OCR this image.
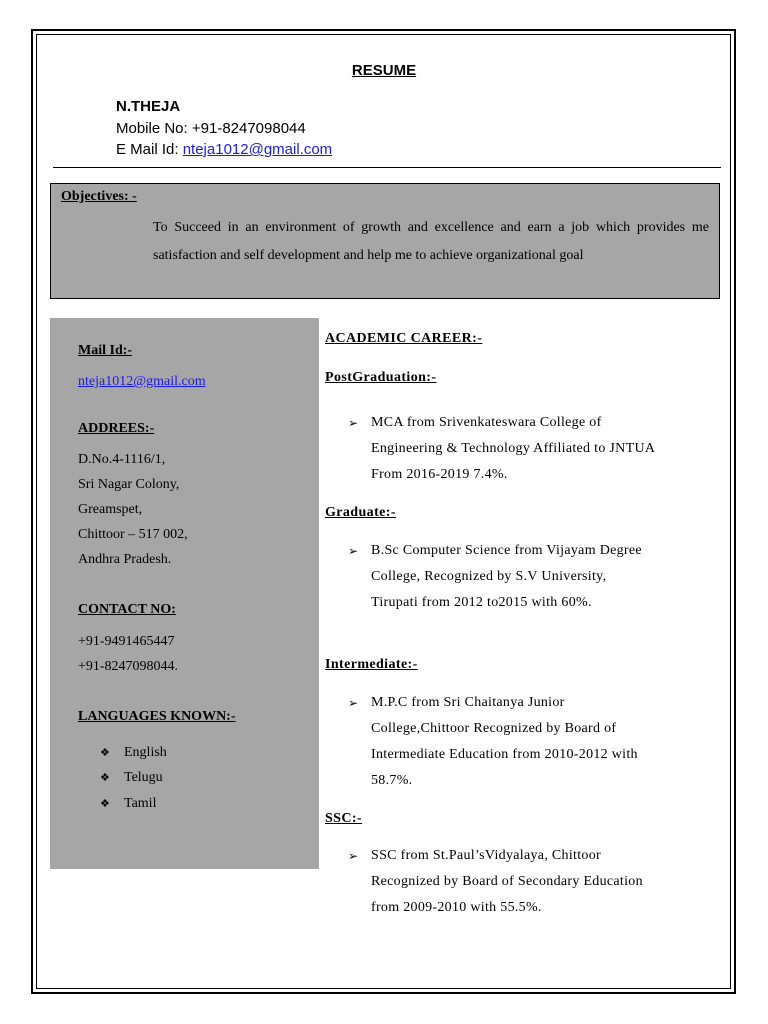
RESUME
N.THEJA
Mobile No: +91-8247098044
E Mail Id: nteja1012@gmail.com
Objectives: -
To Succeed in an environment of growth and excellence and earn a job which provides me satisfaction and self development and help me to achieve organizational goal
Mail Id:-
nteja1012@gmail.com
ADDREES:-
D.No.4-1116/1,
Sri Nagar Colony,
Greamspet,
Chittoor – 517 002,
Andhra Pradesh.
CONTACT NO:
+91-9491465447
+91-8247098044.
LANGUAGES KNOWN:-
❖ English
❖ Telugu
❖ Tamil
ACADEMIC CAREER:-
PostGraduation:-
➢ MCA from Srivenkateswara College of
Engineering & Technology Affiliated to JNTUA
From 2016-2019 7.4%.
Graduate:-
➢ B.Sc Computer Science from Vijayam Degree
College, Recognized by S.V University,
Tirupati from 2012 to2015 with 60%.
Intermediate:-
➢ M.P.C from Sri Chaitanya Junior
College,Chittoor Recognized by Board of
Intermediate Education from 2010-2012 with
58.7%.
SSC:-
➢ SSC from St.Paul’sVidyalaya, Chittoor
Recognized by Board of Secondary Education
from 2009-2010 with 55.5%.
